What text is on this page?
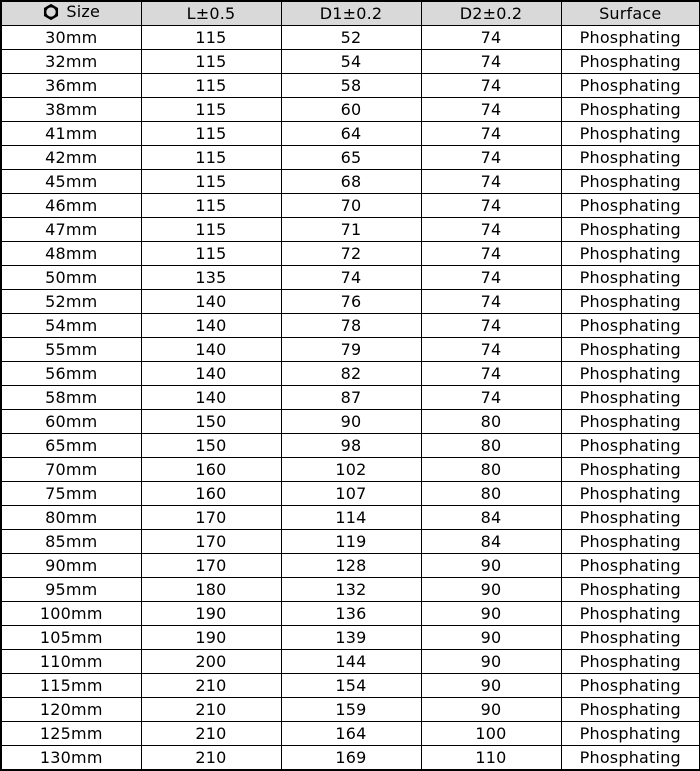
Size	L±0.5	D1±0.2	D2±0.2	Surface
30mm	115	52	74	Phosphating
32mm	115	54	74	Phosphating
36mm	115	58	74	Phosphating
38mm	115	60	74	Phosphating
41mm	115	64	74	Phosphating
42mm	115	65	74	Phosphating
45mm	115	68	74	Phosphating
46mm	115	70	74	Phosphating
47mm	115	71	74	Phosphating
48mm	115	72	74	Phosphating
50mm	135	74	74	Phosphating
52mm	140	76	74	Phosphating
54mm	140	78	74	Phosphating
55mm	140	79	74	Phosphating
56mm	140	82	74	Phosphating
58mm	140	87	74	Phosphating
60mm	150	90	80	Phosphating
65mm	150	98	80	Phosphating
70mm	160	102	80	Phosphating
75mm	160	107	80	Phosphating
80mm	170	114	84	Phosphating
85mm	170	119	84	Phosphating
90mm	170	128	90	Phosphating
95mm	180	132	90	Phosphating
100mm	190	136	90	Phosphating
105mm	190	139	90	Phosphating
110mm	200	144	90	Phosphating
115mm	210	154	90	Phosphating
120mm	210	159	90	Phosphating
125mm	210	164	100	Phosphating
130mm	210	169	110	Phosphating
